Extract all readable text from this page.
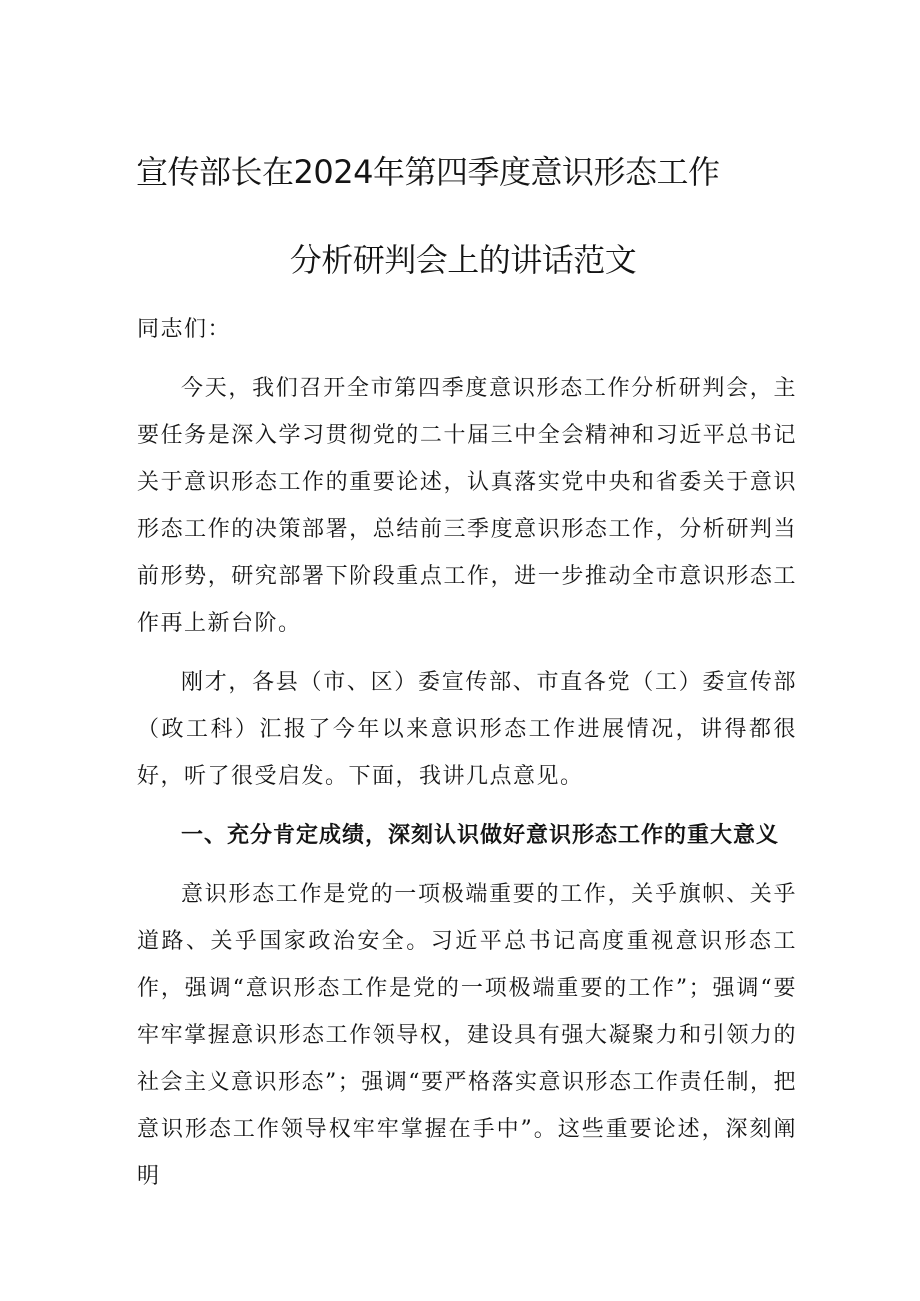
宣传部长在2024年第四季度意识形态工作
分析研判会上的讲话范文

同志们：

今天，我们召开全市第四季度意识形态工作分析研判会，主要任务是深入学习贯彻党的二十届三中全会精神和习近平总书记关于意识形态工作的重要论述，认真落实党中央和省委关于意识形态工作的决策部署，总结前三季度意识形态工作，分析研判当前形势，研究部署下阶段重点工作，进一步推动全市意识形态工作再上新台阶。

刚才，各县（市、区）委宣传部、市直各党（工）委宣传部（政工科）汇报了今年以来意识形态工作进展情况，讲得都很好，听了很受启发。下面，我讲几点意见。

一、充分肯定成绩，深刻认识做好意识形态工作的重大意义

意识形态工作是党的一项极端重要的工作，关乎旗帜、关乎道路、关乎国家政治安全。习近平总书记高度重视意识形态工作，强调“意识形态工作是党的一项极端重要的工作”；强调“要牢牢掌握意识形态工作领导权，建设具有强大凝聚力和引领力的社会主义意识形态”；强调“要严格落实意识形态工作责任制，把意识形态工作领导权牢牢掌握在手中”。这些重要论述，深刻阐明
